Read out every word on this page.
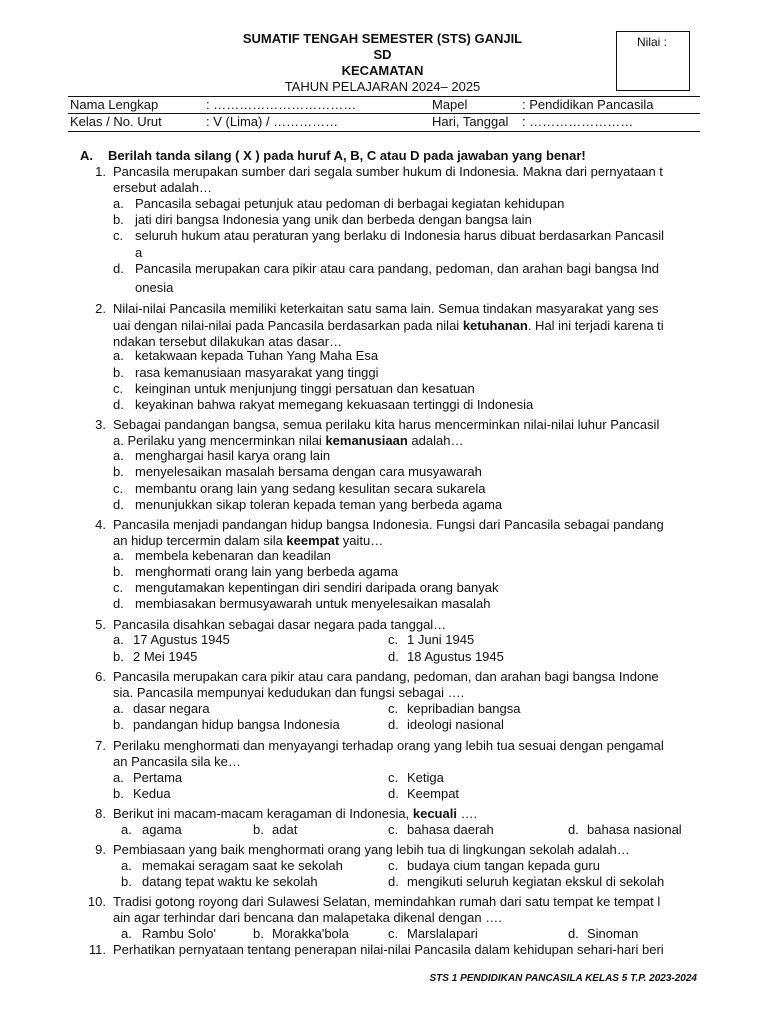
SUMATIF TENGAH SEMESTER (STS) GANJIL
SD
KECAMATAN
TAHUN PELAJARAN 2024– 2025
Nilai :
Nama Lengkap	: ……………………………	Mapel	: Pendidikan Pancasila
Kelas / No. Urut	: V (Lima) / ……………	Hari, Tanggal : ……………………
A. Berilah tanda silang ( X ) pada huruf A, B, C atau D pada jawaban yang benar!
1. Pancasila merupakan sumber dari segala sumber hukum di Indonesia. Makna dari pernyataan t
ersebut adalah…
a. Pancasila sebagai petunjuk atau pedoman di berbagai kegiatan kehidupan
b. jati diri bangsa Indonesia yang unik dan berbeda dengan bangsa lain
c. seluruh hukum atau peraturan yang berlaku di Indonesia harus dibuat berdasarkan Pancasil
a
d. Pancasila merupakan cara pikir atau cara pandang, pedoman, dan arahan bagi bangsa Ind
onesia
2. Nilai-nilai Pancasila memiliki keterkaitan satu sama lain. Semua tindakan masyarakat yang ses
uai dengan nilai-nilai pada Pancasila berdasarkan pada nilai ketuhanan. Hal ini terjadi karena ti
ndakan tersebut dilakukan atas dasar…
a. ketakwaan kepada Tuhan Yang Maha Esa
b. rasa kemanusiaan masyarakat yang tinggi
c. keinginan untuk menjunjung tinggi persatuan dan kesatuan
d. keyakinan bahwa rakyat memegang kekuasaan tertinggi di Indonesia
3. Sebagai pandangan bangsa, semua perilaku kita harus mencerminkan nilai-nilai luhur Pancasil
a. Perilaku yang mencerminkan nilai kemanusiaan adalah…
a. menghargai hasil karya orang lain
b. menyelesaikan masalah bersama dengan cara musyawarah
c. membantu orang lain yang sedang kesulitan secara sukarela
d. menunjukkan sikap toleran kepada teman yang berbeda agama
4. Pancasila menjadi pandangan hidup bangsa Indonesia. Fungsi dari Pancasila sebagai pandang
an hidup tercermin dalam sila keempat yaitu…
a. membela kebenaran dan keadilan
b. menghormati orang lain yang berbeda agama
c. mengutamakan kepentingan diri sendiri daripada orang banyak
d. membiasakan bermusyawarah untuk menyelesaikan masalah
5. Pancasila disahkan sebagai dasar negara pada tanggal…
a. 17 Agustus 1945
b. 2 Mei 1945
c. 1 Juni 1945
d. 18 Agustus 1945
6. Pancasila merupakan cara pikir atau cara pandang, pedoman, dan arahan bagi bangsa Indone
sia. Pancasila mempunyai kedudukan dan fungsi sebagai ….
a. dasar negara
b. pandangan hidup bangsa Indonesia
c. kepribadian bangsa
d. ideologi nasional
7. Perilaku menghormati dan menyayangi terhadap orang yang lebih tua sesuai dengan pengamal
an Pancasila sila ke…
a. Pertama
b. Kedua
c. Ketiga
d. Keempat
8. Berikut ini macam-macam keragaman di Indonesia, kecuali ….
a. agama	b. adat	c. bahasa daerah	d. bahasa nasional
9. Pembiasaan yang baik menghormati orang yang lebih tua di lingkungan sekolah adalah…
a. memakai seragam saat ke sekolah
b. datang tepat waktu ke sekolah
c. budaya cium tangan kepada guru
d. mengikuti seluruh kegiatan ekskul di sekolah
10. Tradisi gotong royong dari Sulawesi Selatan, memindahkan rumah dari satu tempat ke tempat l
ain agar terhindar dari bencana dan malapetaka dikenal dengan ….
a. Rambu Solo'	b. Morakka'bola	c. Marslalapari	d. Sinoman
11. Perhatikan pernyataan tentang penerapan nilai-nilai Pancasila dalam kehidupan sehari-hari beri
STS 1 PENDIDIKAN PANCASILA KELAS 5 T.P. 2023-2024
